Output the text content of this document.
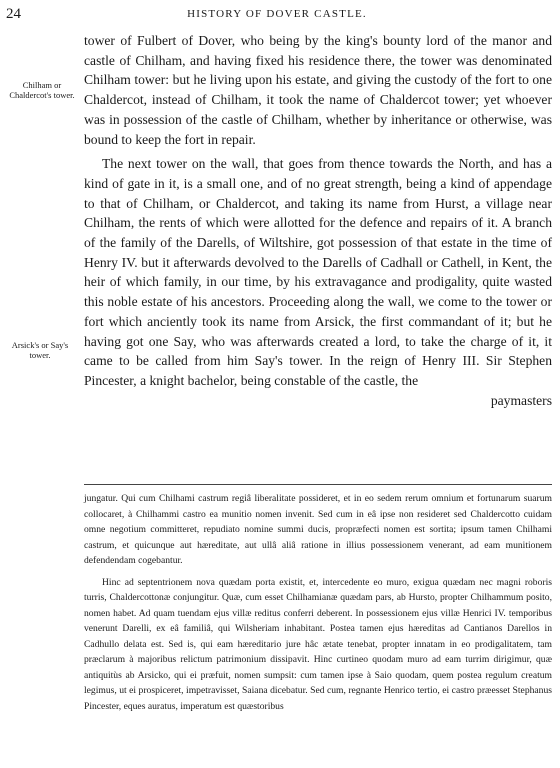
24	HISTORY OF DOVER CASTLE.
Chilham or Chaldercot's tower.
Arsick's or Say's tower.

tower of Fulbert of Dover, who being by the king's bounty lord of the manor and castle of Chilham, and having fixed his residence there, the tower was denominated Chilham tower: but he living upon his estate, and giving the custody of the fort to one Chaldercot, instead of Chilham, it took the name of Chaldercot tower; yet whoever was in possession of the castle of Chilham, whether by inheritance or otherwise, was bound to keep the fort in repair.

The next tower on the wall, that goes from thence towards the North, and has a kind of gate in it, is a small one, and of no great strength, being a kind of appendage to that of Chilham, or Chaldercot, and taking its name from Hurst, a village near Chilham, the rents of which were allotted for the defence and repairs of it. A branch of the family of the Darells, of Wiltshire, got possession of that estate in the time of Henry IV. but it afterwards devolved to the Darells of Cadhall or Cathell, in Kent, the heir of which family, in our time, by his extravagance and prodigality, quite wasted this noble estate of his ancestors. Proceeding along the wall, we come to the tower or fort which anciently took its name from Arsick, the first commandant of it; but he having got one Say, who was afterwards created a lord, to take the charge of it, it came to be called from him Say's tower. In the reign of Henry III. Sir Stephen Pincester, a knight bachelor, being constable of the castle, the

paymasters

jungatur. Qui cum Chilhami castrum regiâ liberalitate possideret, et in eo sedem rerum omnium et fortunarum suarum collocaret, à Chilhammi castro ea munitio nomen invenit. Sed cum in eâ ipse non resideret sed Chaldercotto cuidam omne negotium committeret, repudiato nomine summi ducis, propræfecti nomen est sortita; ipsum tamen Chilhami castrum, et quicunque aut hæreditate, aut ullâ aliâ ratione in illius possessionem venerant, ad eam munitionem defendendam cogebantur.

Hinc ad septentrionem nova quædam porta existit, et, intercedente eo muro, exigua quædam nec magni roboris turris, Chaldercottonæ conjungitur. Quæ, cum esset Chilhamianæ quædam pars, ab Hursto, propter Chilhammum posito, nomen habet. Ad quam tuendam ejus villæ reditus conferri deberent. In possessionem ejus villæ Henrici IV. temporibus venerunt Darelli, ex eâ familiâ, qui Wilsheriam inhabitant. Postea tamen ejus hæreditas ad Cantianos Darellos in Cadhullo delata est. Sed is, qui eam hæreditario jure hâc ætate tenebat, propter innatam in eo prodigalitatem, tam præclarum à majoribus relictum patrimonium dissipavit. Hinc curtineo quodam muro ad eam turrim dirigimur, quæ antiquitùs ab Arsicko, qui ei præfuit, nomen sumpsit: cum tamen ipse à Saio quodam, quem postea regulum creatum legimus, ut ei prospiceret, impetravisset, Saiana dicebatur. Sed cum, regnante Henrico tertio, ei castro præesset Stephanus Pincester, eques auratus, imperatum est quæstoribus
